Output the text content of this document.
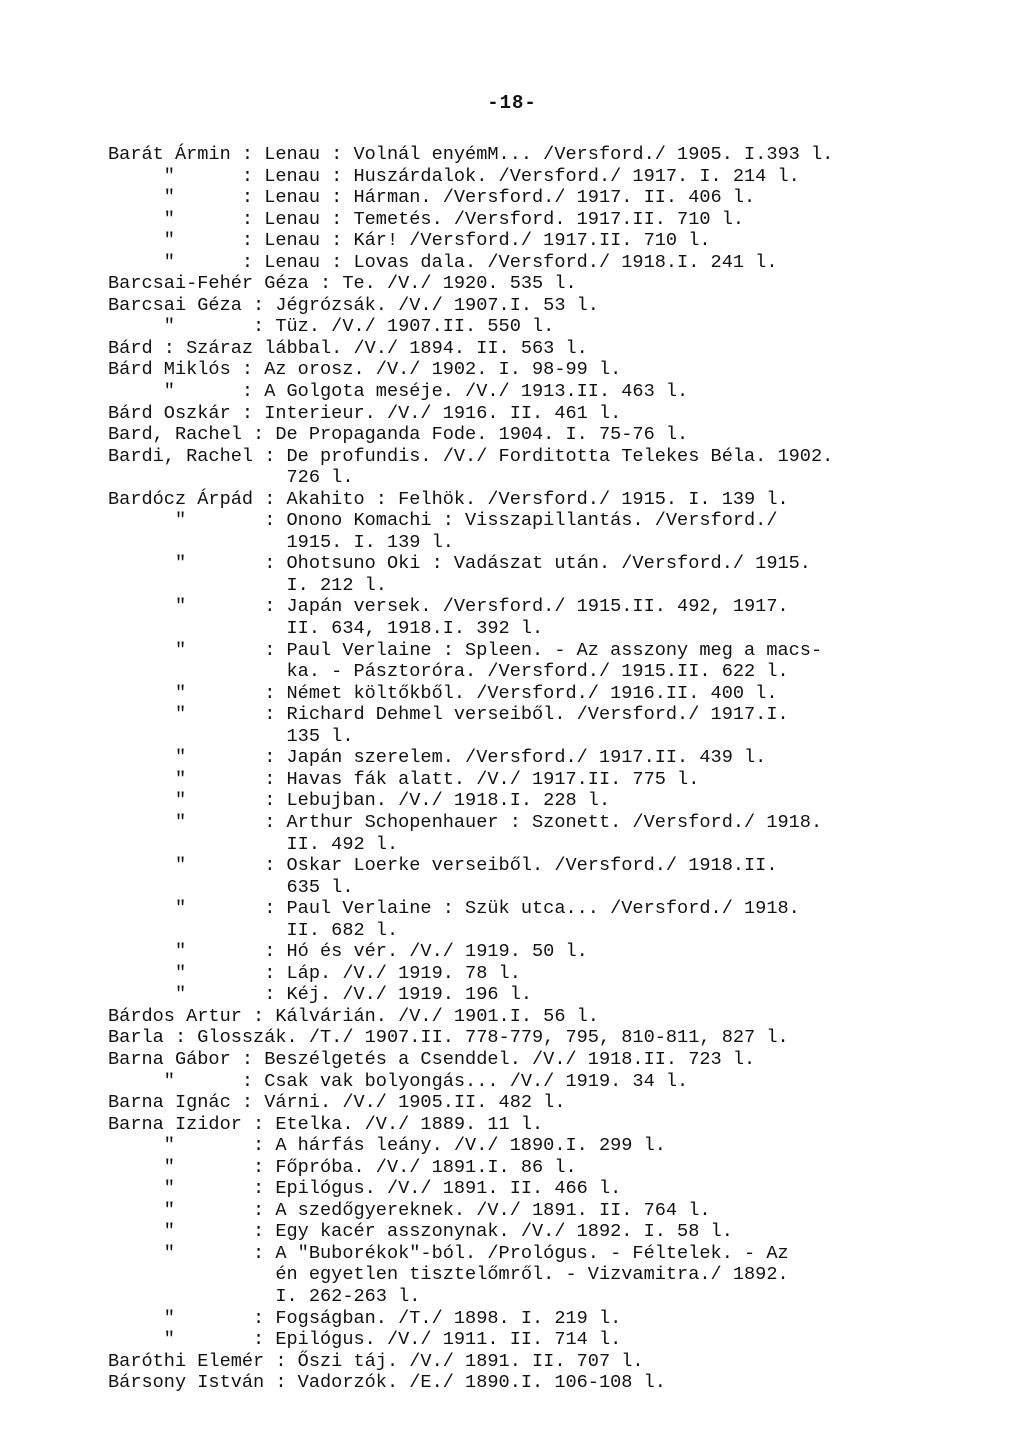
-18-
Barát Ármin : Lenau : Volnál enyémM... /Versford./ 1905. I.393 l.
"      : Lenau : Huszárdalok. /Versford./ 1917. I. 214 l.
"      : Lenau : Hárman. /Versford./ 1917. II. 406 l.
"      : Lenau : Temetés. /Versford. 1917.II. 710 l.
"      : Lenau : Kár! /Versford./ 1917.II. 710 l.
"      : Lenau : Lovas dala. /Versford./ 1918.I. 241 l.
Barcsai-Fehér Géza : Te. /V./ 1920. 535 l.
Barcsai Géza : Jégrózsák. /V./ 1907.I. 53 l.
"       : Tüz. /V./ 1907.II. 550 l.
Bárd : Száraz lábbal. /V./ 1894. II. 563 l.
Bárd Miklós : Az orosz. /V./ 1902. I. 98-99 l.
"      : A Golgota meséje. /V./ 1913.II. 463 l.
Bárd Oszkár : Interieur. /V./ 1916. II. 461 l.
Bard, Rachel : De Propaganda Fode. 1904. I. 75-76 l.
Bardi, Rachel : De profundis. /V./ Forditotta Telekes Béla. 1902.
726 l.
Bardócz Árpád : Akahito : Felhök. /Versford./ 1915. I. 139 l.
"       : Onono Komachi : Visszapillantás. /Versford./
1915. I. 139 l.
"       : Ohotsuno Oki : Vadászat után. /Versford./ 1915.
I. 212 l.
"       : Japán versek. /Versford./ 1915.II. 492, 1917.
II. 634, 1918.I. 392 l.
"       : Paul Verlaine : Spleen. - Az asszony meg a macs-
ka. - Pásztoróra. /Versford./ 1915.II. 622 l.
"       : Német költőkből. /Versford./ 1916.II. 400 l.
"       : Richard Dehmel verseiből. /Versford./ 1917.I.
135 l.
"       : Japán szerelem. /Versford./ 1917.II. 439 l.
"       : Havas fák alatt. /V./ 1917.II. 775 l.
"       : Lebujban. /V./ 1918.I. 228 l.
"       : Arthur Schopenhauer : Szonett. /Versford./ 1918.
II. 492 l.
"       : Oskar Loerke verseiből. /Versford./ 1918.II.
635 l.
"       : Paul Verlaine : Szük utca... /Versford./ 1918.
II. 682 l.
"       : Hó és vér. /V./ 1919. 50 l.
"       : Láp. /V./ 1919. 78 l.
"       : Kéj. /V./ 1919. 196 l.
Bárdos Artur : Kálvárián. /V./ 1901.I. 56 l.
Barla : Glosszák. /T./ 1907.II. 778-779, 795, 810-811, 827 l.
Barna Gábor : Beszélgetés a Csenddel. /V./ 1918.II. 723 l.
"      : Csak vak bolyongás... /V./ 1919. 34 l.
Barna Ignác : Várni. /V./ 1905.II. 482 l.
Barna Izidor : Etelka. /V./ 1889. 11 l.
"       : A hárfás leány. /V./ 1890.I. 299 l.
"       : Főpróba. /V./ 1891.I. 86 l.
"       : Epilógus. /V./ 1891. II. 466 l.
"       : A szedőgyereknek. /V./ 1891. II. 764 l.
"       : Egy kacér asszonynak. /V./ 1892. I. 58 l.
"       : A "Buborékok"-ból. /Prológus. - Féltelek. - Az
én egyetlen tisztelőmről. - Vizvamitra./ 1892.
I. 262-263 l.
"       : Fogságban. /T./ 1898. I. 219 l.
"       : Epilógus. /V./ 1911. II. 714 l.
Baróthi Elemér : Őszi táj. /V./ 1891. II. 707 l.
Bársony István : Vadorzók. /E./ 1890.I. 106-108 l.
